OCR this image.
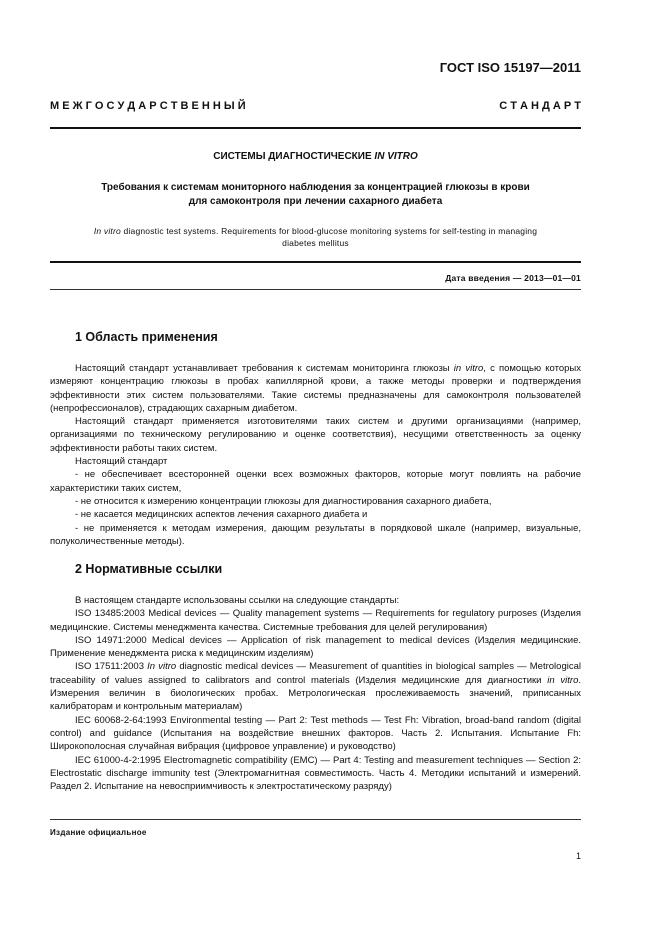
ГОСТ ISO 15197—2011
М Е Ж Г О С У Д А Р С Т В Е Н Н Ы Й	С Т А Н Д А Р Т
СИСТЕМЫ ДИАГНОСТИЧЕСКИЕ IN VITRO
Требования к системам мониторного наблюдения за концентрацией глюкозы в крови
для самоконтроля при лечении сахарного диабета
In vitro diagnostic test systems. Requirements for blood-glucose monitoring systems for self-testing in managing
diabetes mellitus
Дата введения — 2013—01—01
1 Область применения

Настоящий стандарт устанавливает требования к системам мониторинга глюкозы in vitro, с помощью которых измеряют концентрацию глюкозы в пробах капиллярной крови, а также методы проверки и подтверждения эффективности этих систем пользователями. Такие системы предназначены для самоконтроля пользователей (непрофессионалов), страдающих сахарным диабетом.

Настоящий стандарт применяется изготовителями таких систем и другими организациями (например, организациями по техническому регулированию и оценке соответствия), несущими ответственность за оценку эффективности работы таких систем.

Настоящий стандарт

- не обеспечивает всесторонней оценки всех возможных факторов, которые могут повлиять на рабочие характеристики таких систем,

- не относится к измерению концентрации глюкозы для диагностирования сахарного диабета,

- не касается медицинских аспектов лечения сахарного диабета и

- не применяется к методам измерения, дающим результаты в порядковой шкале (например, визуальные, полуколичественные методы).

2 Нормативные ссылки

В настоящем стандарте использованы ссылки на следующие стандарты:

ISO 13485:2003 Medical devices — Quality management systems — Requirements for regulatory purposes (Изделия медицинские. Системы менеджмента качества. Системные требования для целей регулирования)

ISO 14971:2000 Medical devices — Application of risk management to medical devices (Изделия медицинские. Применение менеджмента риска к медицинским изделиям)

ISO 17511:2003 In vitro diagnostic medical devices — Measurement of quantities in biological samples — Metrological traceability of values assigned to calibrators and control materials (Изделия медицинские для диагностики in vitro. Измерения величин в биологических пробах. Метрологическая прослеживаемость значений, приписанных калибраторам и контрольным материалам)

IEC 60068-2-64:1993 Environmental testing — Part 2: Test methods — Test Fh: Vibration, broad-band random (digital control) and guidance (Испытания на воздействие внешних факторов. Часть 2. Испытания. Испытание Fh: Широкополосная случайная вибрация (цифровое управление) и руководство)

IEC 61000-4-2:1995 Electromagnetic compatibility (EMC) — Part 4: Testing and measurement techniques — Section 2: Electrostatic discharge immunity test (Электромагнитная совместимость. Часть 4. Методики испытаний и измерений. Раздел 2. Испытание на невосприимчивость к электростатическому разряду)

Издание официальное
1
